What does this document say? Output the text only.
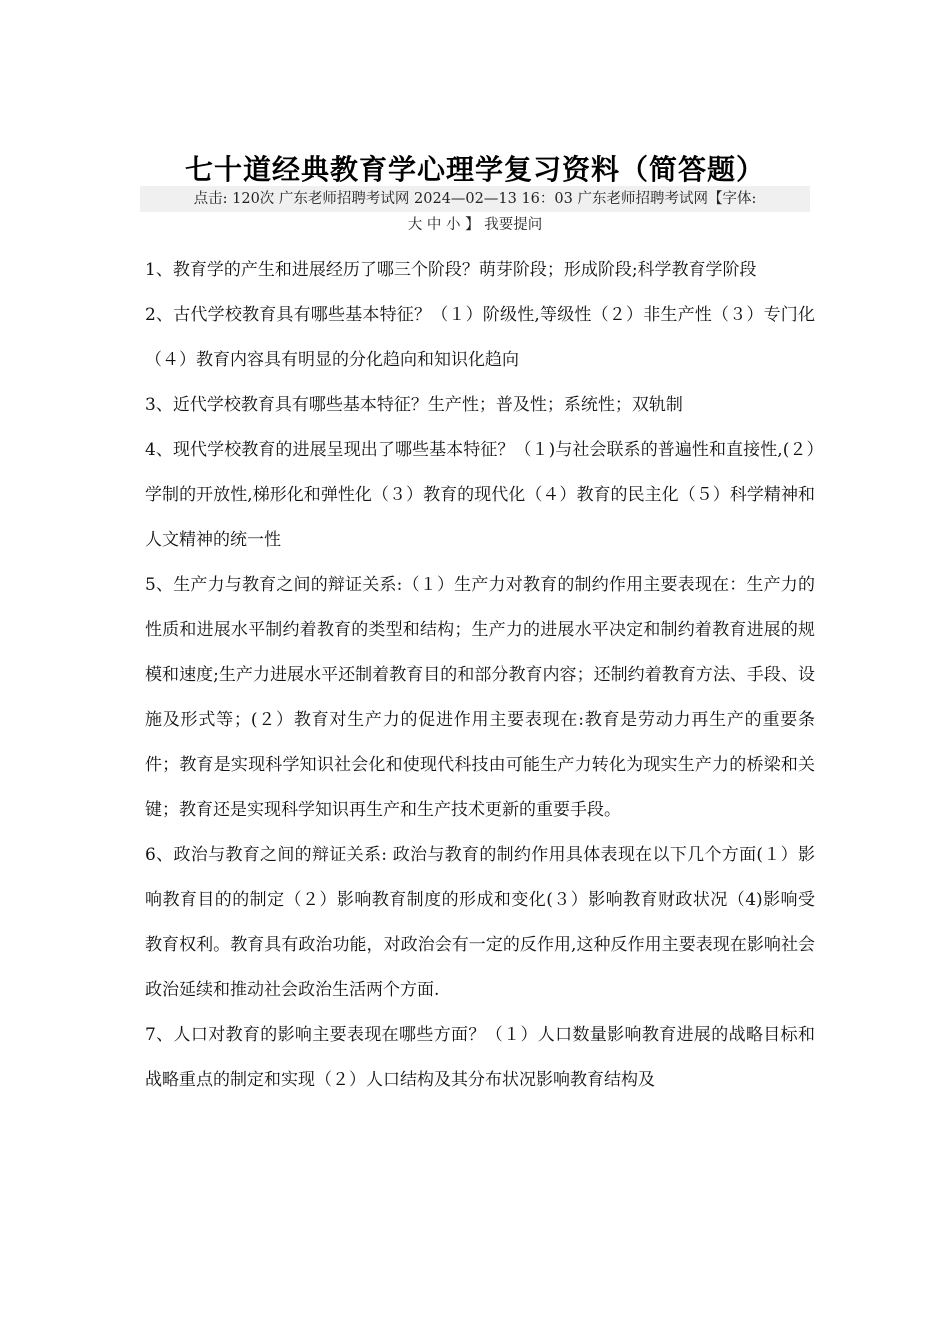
七十道经典教育学心理学复习资料（简答题）
点击: 120次 广东老师招聘考试网 2024—02—13 16：03 广东老师招聘考试网【字体:
大 中 小 】 我要提问

1、教育学的产生和进展经历了哪三个阶段？萌芽阶段；形成阶段;科学教育学阶段

2、古代学校教育具有哪些基本特征？（１）阶级性,等级性（２）非生产性（３）专门化（４）教育内容具有明显的分化趋向和知识化趋向

3、近代学校教育具有哪些基本特征？生产性；普及性；系统性；双轨制

4、现代学校教育的进展呈现出了哪些基本特征？（１)与社会联系的普遍性和直接性,(２）学制的开放性,梯形化和弹性化（３）教育的现代化（４）教育的民主化（５）科学精神和人文精神的统一性

5、生产力与教育之间的辩证关系:（１）生产力对教育的制约作用主要表现在：生产力的性质和进展水平制约着教育的类型和结构；生产力的进展水平决定和制约着教育进展的规模和速度;生产力进展水平还制着教育目的和部分教育内容；还制约着教育方法、手段、设施及形式等；(２）教育对生产力的促进作用主要表现在:教育是劳动力再生产的重要条件；教育是实现科学知识社会化和使现代科技由可能生产力转化为现实生产力的桥梁和关键；教育还是实现科学知识再生产和生产技术更新的重要手段。

6、政治与教育之间的辩证关系: 政治与教育的制约作用具体表现在以下几个方面(１）影响教育目的的制定（２）影响教育制度的形成和变化(３）影响教育财政状况（4)影响受教育权利。教育具有政治功能，对政治会有一定的反作用,这种反作用主要表现在影响社会政治延续和推动社会政治生活两个方面.

7、人口对教育的影响主要表现在哪些方面？（１）人口数量影响教育进展的战略目标和战略重点的制定和实现（２）人口结构及其分布状况影响教育结构及
